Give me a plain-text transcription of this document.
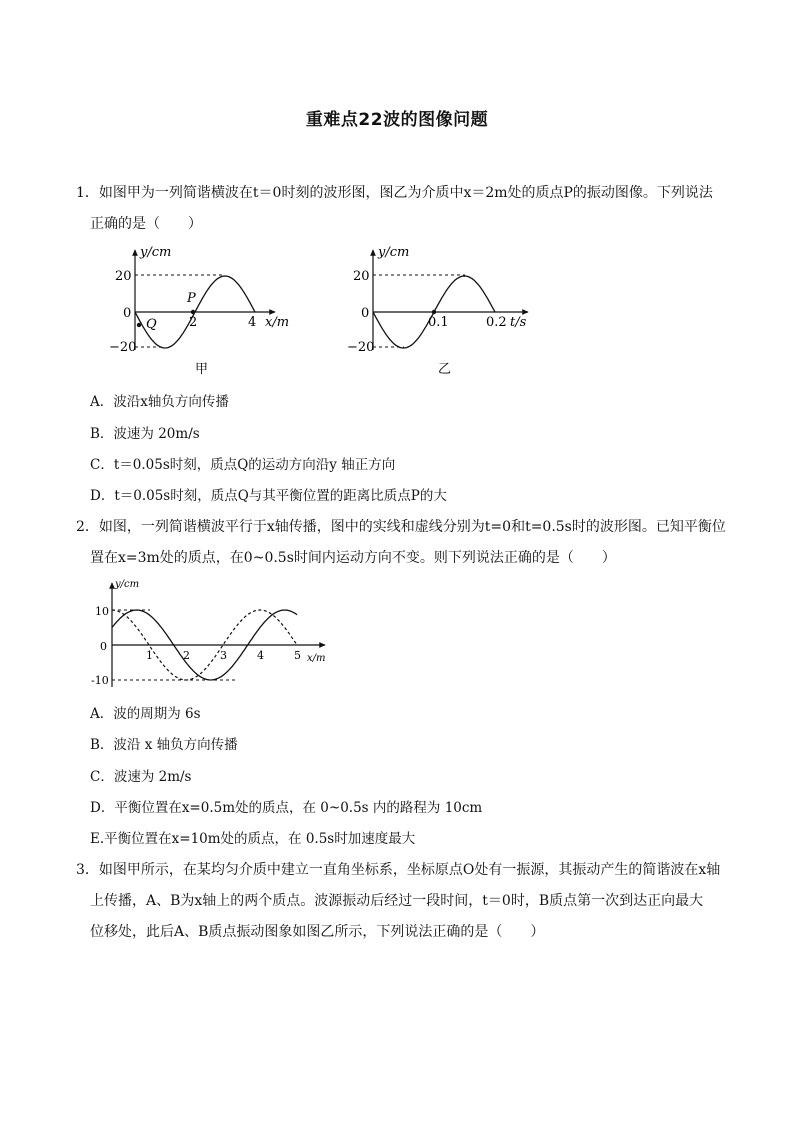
重难点22波的图像问题
1．如图甲为一列简谐横波在t＝0时刻的波形图，图乙为介质中x＝2m处的质点P的振动图像。下列说法
正确的是（　　）
y/cm
20
0
−20
2	4 x/m
P
Q
甲
y/cm
20
0
−20
0.1	0.2 t/s
乙
A．波沿x轴负方向传播
B．波速为 20m/s
C．t＝0.05s时刻，质点Q的运动方向沿y 轴正方向
D．t＝0.05s时刻，质点Q与其平衡位置的距离比质点P的大
2．如图，一列简谐横波平行于x轴传播，图中的实线和虚线分别为t=0和t=0.5s时的波形图。已知平衡位
置在x=3m处的质点，在0~0.5s时间内运动方向不变。则下列说法正确的是（　　）
y/cm
10
0
-10
1	2	3	4	5 x/m
A．波的周期为 6s
B．波沿 x 轴负方向传播
C．波速为 2m/s
D．平衡位置在x=0.5m处的质点，在 0~0.5s 内的路程为 10cm
E.平衡位置在x=10m处的质点，在 0.5s时加速度最大
3．如图甲所示，在某均匀介质中建立一直角坐标系，坐标原点O处有一振源，其振动产生的简谐波在x轴
上传播，A、B为x轴上的两个质点。波源振动后经过一段时间，t＝0时，B质点第一次到达正向最大
位移处，此后A、B质点振动图象如图乙所示，下列说法正确的是（　　）
